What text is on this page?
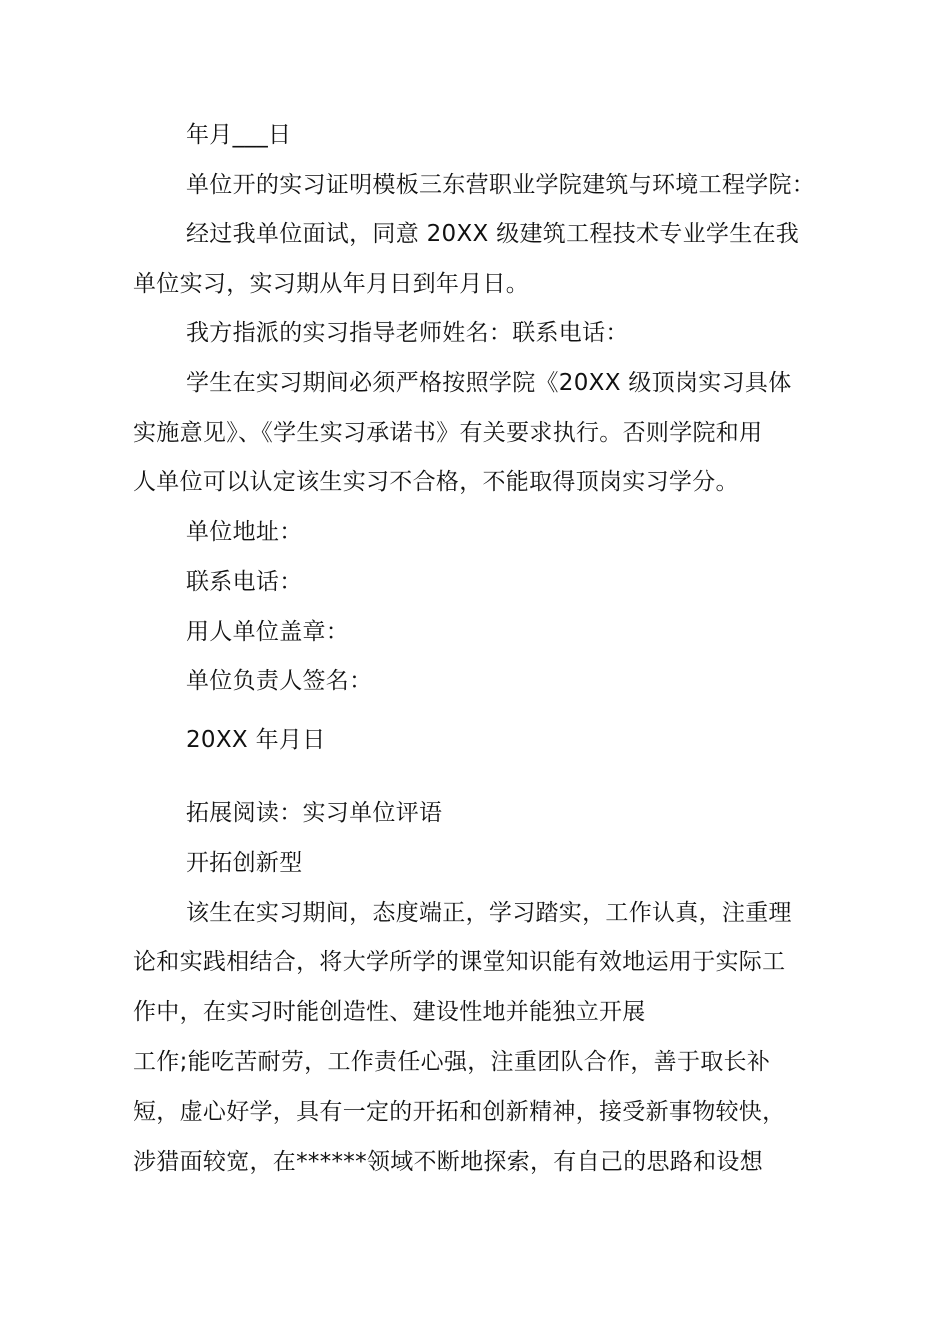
年月___日
单位开的实习证明模板三东营职业学院建筑与环境工程学院：
经过我单位面试，同意 20XX 级建筑工程技术专业学生在我
单位实习，实习期从年月日到年月日。
我方指派的实习指导老师姓名：联系电话：
学生在实习期间必须严格按照学院《20XX 级顶岗实习具体
实施意见》、《学生实习承诺书》有关要求执行。否则学院和用
人单位可以认定该生实习不合格，不能取得顶岗实习学分。
单位地址：
联系电话：
用人单位盖章：
单位负责人签名：
20XX 年月日
拓展阅读：实习单位评语
开拓创新型
该生在实习期间，态度端正，学习踏实，工作认真，注重理
论和实践相结合，将大学所学的课堂知识能有效地运用于实际工
作中，在实习时能创造性、建设性地并能独立开展
工作;能吃苦耐劳，工作责任心强，注重团队合作，善于取长补
短，虚心好学，具有一定的开拓和创新精神，接受新事物较快，
涉猎面较宽，在******领域不断地探索，有自己的思路和设想
